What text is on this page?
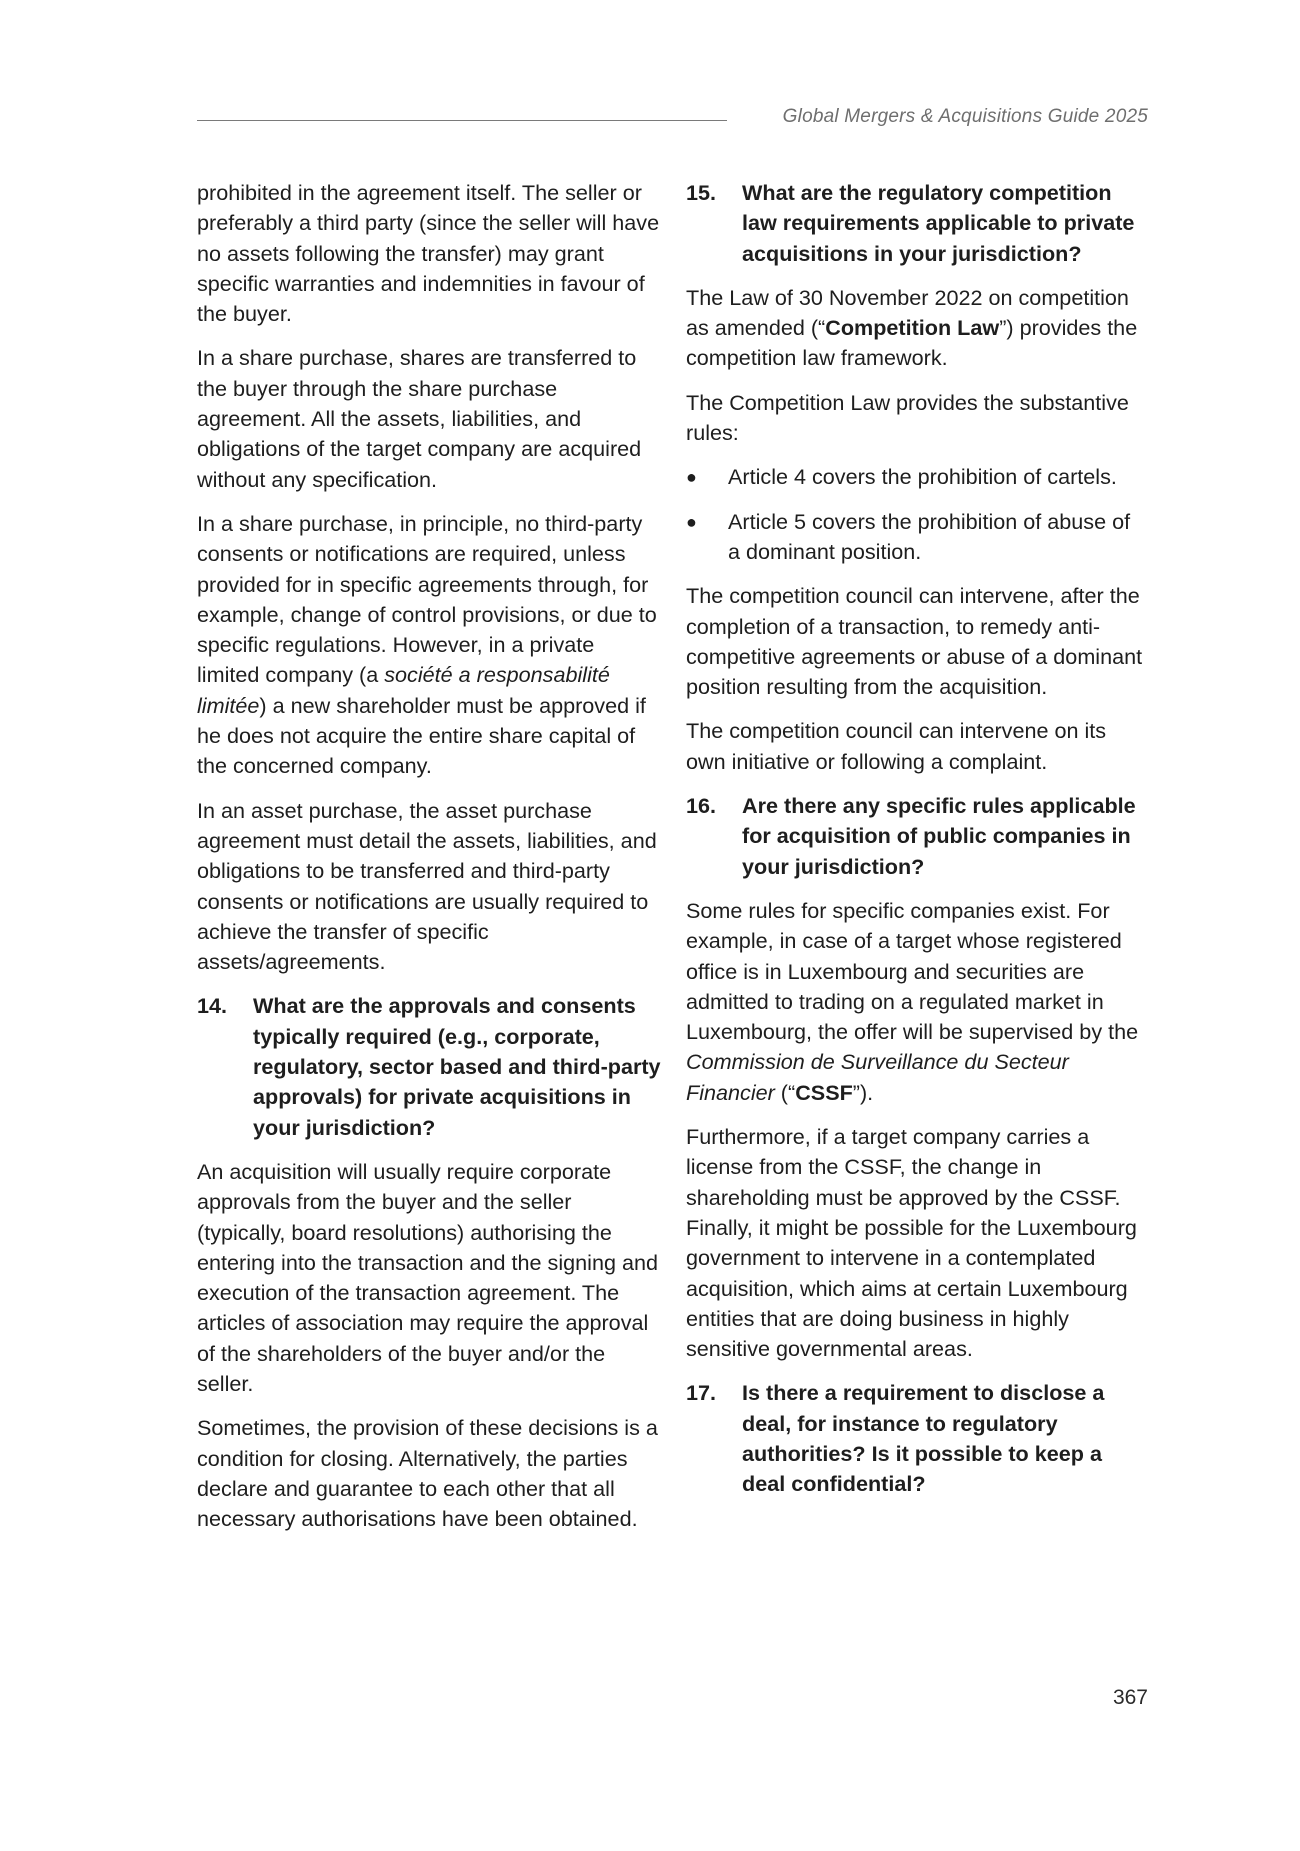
Global Mergers & Acquisitions Guide 2025

prohibited in the agreement itself. The seller or preferably a third party (since the seller will have no assets following the transfer) may grant specific warranties and indemnities in favour of the buyer.

In a share purchase, shares are transferred to the buyer through the share purchase agreement. All the assets, liabilities, and obligations of the target company are acquired without any specification.

In a share purchase, in principle, no third-party consents or notifications are required, unless provided for in specific agreements through, for example, change of control provisions, or due to specific regulations. However, in a private limited company (a société a responsabilité limitée) a new shareholder must be approved if he does not acquire the entire share capital of the concerned company.

In an asset purchase, the asset purchase agreement must detail the assets, liabilities, and obligations to be transferred and third-party consents or notifications are usually required to achieve the transfer of specific assets/agreements.

14.	What are the approvals and consents typically required (e.g., corporate, regulatory, sector based and third-party approvals) for private acquisitions in your jurisdiction?

An acquisition will usually require corporate approvals from the buyer and the seller (typically, board resolutions) authorising the entering into the transaction and the signing and execution of the transaction agreement. The articles of association may require the approval of the shareholders of the buyer and/or the seller.

Sometimes, the provision of these decisions is a condition for closing. Alternatively, the parties declare and guarantee to each other that all necessary authorisations have been obtained.

15.	What are the regulatory competition law requirements applicable to private acquisitions in your jurisdiction?

The Law of 30 November 2022 on competition as amended (“Competition Law”) provides the competition law framework.

The Competition Law provides the substantive rules:

●	Article 4 covers the prohibition of cartels.
●	Article 5 covers the prohibition of abuse of a dominant position.

The competition council can intervene, after the completion of a transaction, to remedy anti-competitive agreements or abuse of a dominant position resulting from the acquisition.

The competition council can intervene on its own initiative or following a complaint.

16.	Are there any specific rules applicable for acquisition of public companies in your jurisdiction?

Some rules for specific companies exist. For example, in case of a target whose registered office is in Luxembourg and securities are admitted to trading on a regulated market in Luxembourg, the offer will be supervised by the Commission de Surveillance du Secteur Financier (“CSSF”).

Furthermore, if a target company carries a license from the CSSF, the change in shareholding must be approved by the CSSF. Finally, it might be possible for the Luxembourg government to intervene in a contemplated acquisition, which aims at certain Luxembourg entities that are doing business in highly sensitive governmental areas.

17.	Is there a requirement to disclose a deal, for instance to regulatory authorities? Is it possible to keep a deal confidential?
367
